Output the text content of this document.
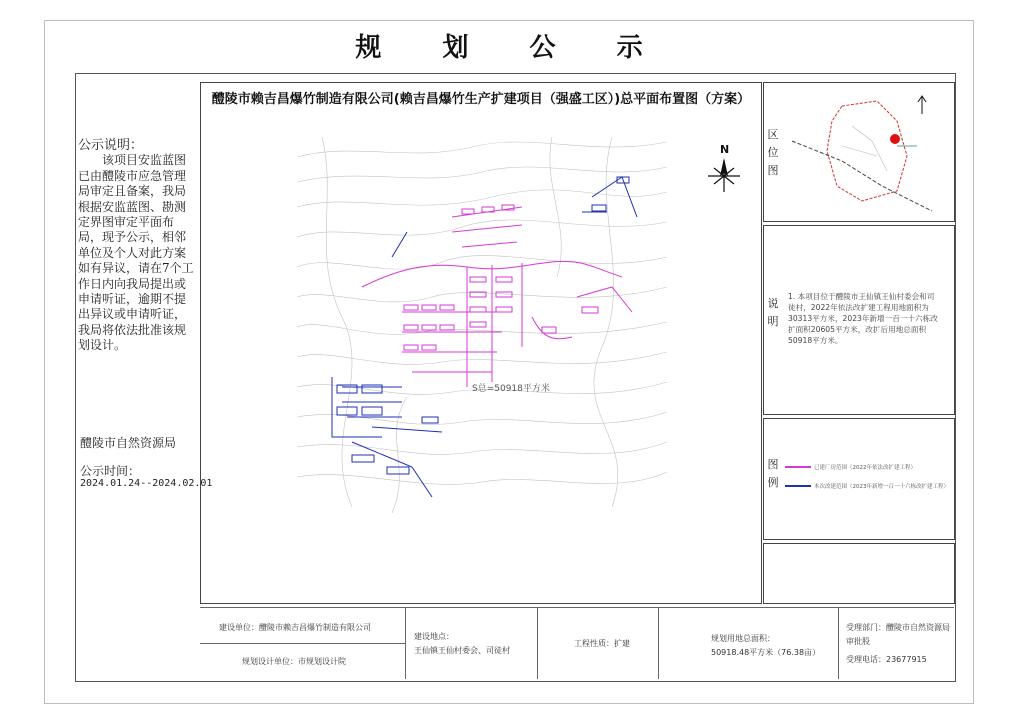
规 划 公 示
公示说明：
该项目安监蓝图已由醴陵市应急管理局审定且备案，我局根据安监蓝图、勘测定界图审定平面布局，现予公示，相邻单位及个人对此方案如有异议，请在7个工作日内向我局提出或申请听证，逾期不提出异议或申请听证，我局将依法批准该规划设计。
醴陵市自然资源局
公示时间：
2024.01.24--2024.02.01
醴陵市赖吉昌爆竹制造有限公司(赖吉昌爆竹生产扩建项目（强盛工区）)总平面布置图（方案）
S总=50918平方米
N
区位图
说明
1. 本项目位于醴陵市王仙镇王仙村委会和司徒村，2022年依法改扩建工程用地面积为30313平方米，2023年新增一百一十六栋改扩面积20605平方米，改扩后用地总面积50918平方米。
图例
已建厂房范围（2022年依法改扩建工程）
本次改建范围（2023年新增一百一十六栋改扩建工程）
建设单位：醴陵市赖吉昌爆竹制造有限公司
规划设计单位：市规划设计院
建设地点：
王仙镇王仙村委会、司徒村
工程性质：扩建
规划用地总面积：
50918.48平方米（76.38亩）
受理部门：醴陵市自然资源局审批股
受理电话：23677915
